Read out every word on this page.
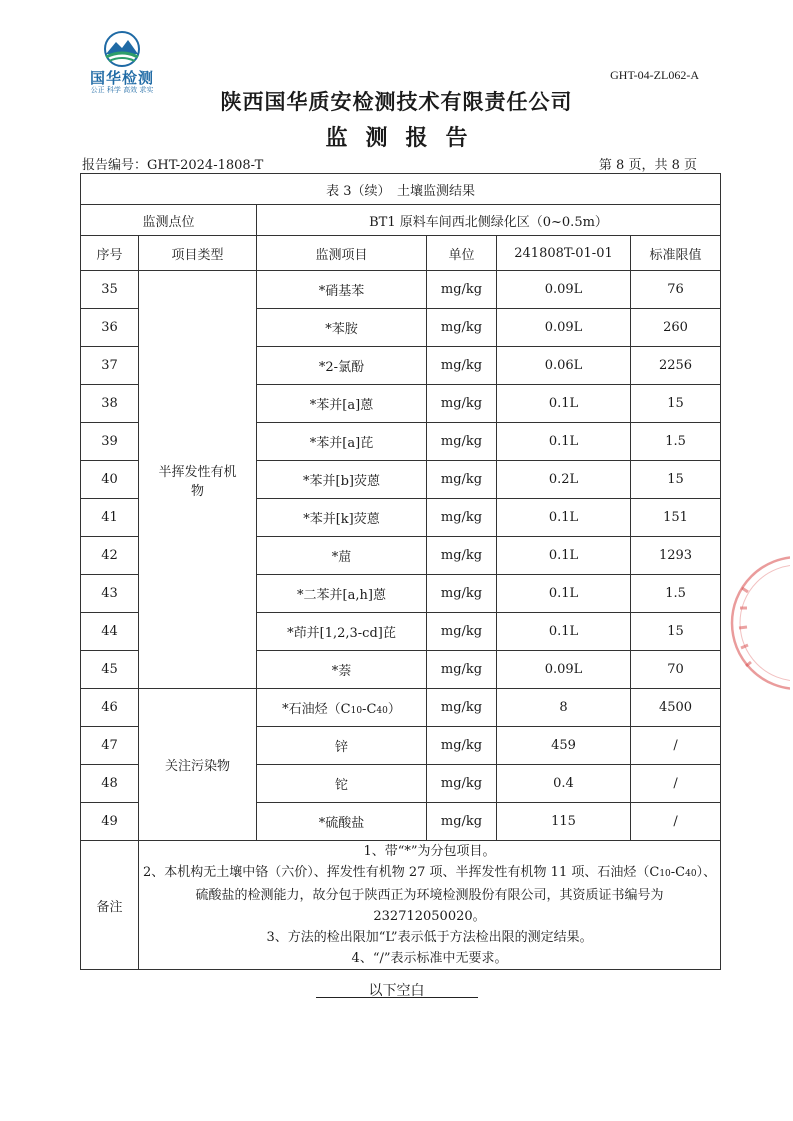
国华检测
公正 科学 高效 求实
GHT-04-ZL062-A
陕西国华质安检测技术有限责任公司
监测报告
报告编号：GHT-2024-1808-T	第 8 页，共 8 页
表 3（续）　土壤监测结果					
监测点位		BT1 原料车间西北侧绿化区（0~0.5m）			
序号	项目类型	监测项目	单位	241808T-01-01	标准限值
35	半挥发性有机物	*硝基苯	mg/kg	0.09L	76
36		*苯胺	mg/kg	0.09L	260
37		*2-氯酚	mg/kg	0.06L	2256
38		*苯并[a]蒽	mg/kg	0.1L	15
39		*苯并[a]芘	mg/kg	0.1L	1.5
40		*苯并[b]荧蒽	mg/kg	0.2L	15
41		*苯并[k]荧蒽	mg/kg	0.1L	151
42		*䓛	mg/kg	0.1L	1293
43		*二苯并[a,h]蒽	mg/kg	0.1L	1.5
44		*茚并[1,2,3-cd]芘	mg/kg	0.1L	15
45		*萘	mg/kg	0.09L	70
46	关注污染物	*石油烃（C10-C40）	mg/kg	8	4500
47		锌	mg/kg	459	/
48		铊	mg/kg	0.4	/
49		*硫酸盐	mg/kg	115	/
备注	1、带“*”为分包项目。
2、本机构无土壤中铬（六价）、挥发性有机物 27 项、半挥发性有机物 11 项、石油烃（C10-C40）、硫酸盐的检测能力，故分包于陕西正为环境检测股份有限公司，其资质证书编号为 232712050020。
3、方法的检出限加“L”表示低于方法检出限的测定结果。
4、“/”表示标准中无要求。				
以下空白
